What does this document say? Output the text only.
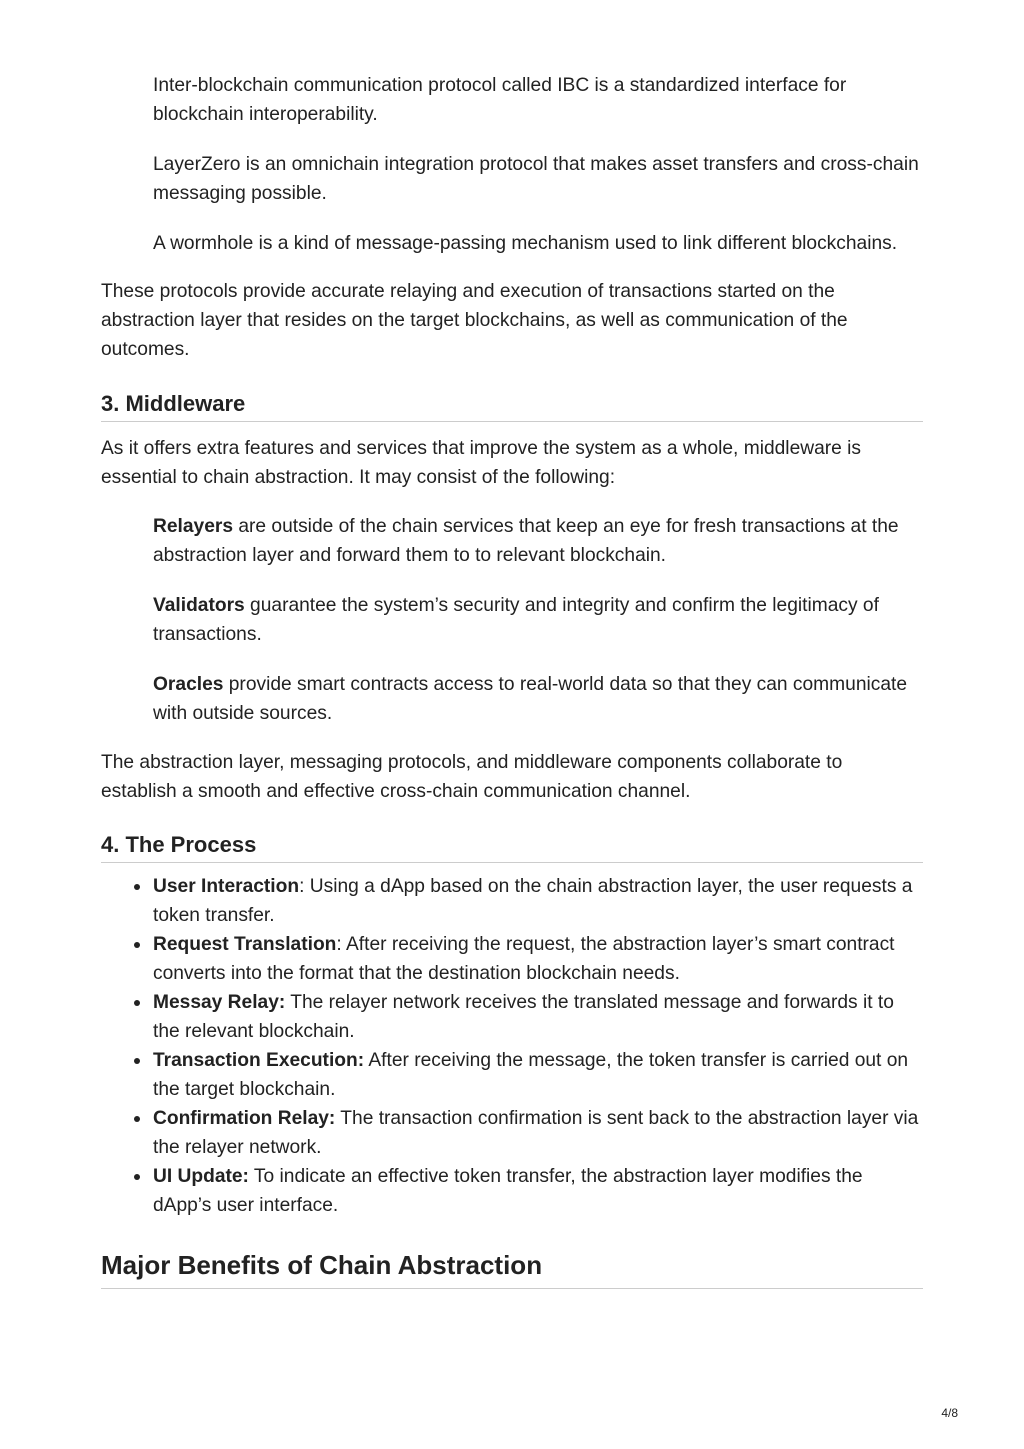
Inter-blockchain communication protocol called IBC is a standardized interface for blockchain interoperability.

LayerZero is an omnichain integration protocol that makes asset transfers and cross-chain messaging possible.

A wormhole is a kind of message-passing mechanism used to link different blockchains.

These protocols provide accurate relaying and execution of transactions started on the abstraction layer that resides on the target blockchains, as well as communication of the outcomes.

3. Middleware

As it offers extra features and services that improve the system as a whole, middleware is essential to chain abstraction. It may consist of the following:

Relayers are outside of the chain services that keep an eye for fresh transactions at the abstraction layer and forward them to to relevant blockchain.

Validators guarantee the system’s security and integrity and confirm the legitimacy of transactions.

Oracles provide smart contracts access to real-world data so that they can communicate with outside sources.

The abstraction layer, messaging protocols, and middleware components collaborate to establish a smooth and effective cross-chain communication channel.

4. The Process
User Interaction: Using a dApp based on the chain abstraction layer, the user requests a token transfer.
Request Translation: After receiving the request, the abstraction layer’s smart contract converts into the format that the destination blockchain needs.
Messay Relay: The relayer network receives the translated message and forwards it to the relevant blockchain.
Transaction Execution: After receiving the message, the token transfer is carried out on the target blockchain.
Confirmation Relay: The transaction confirmation is sent back to the abstraction layer via the relayer network.
UI Update: To indicate an effective token transfer, the abstraction layer modifies the dApp’s user interface.
Major Benefits of Chain Abstraction
4/8
